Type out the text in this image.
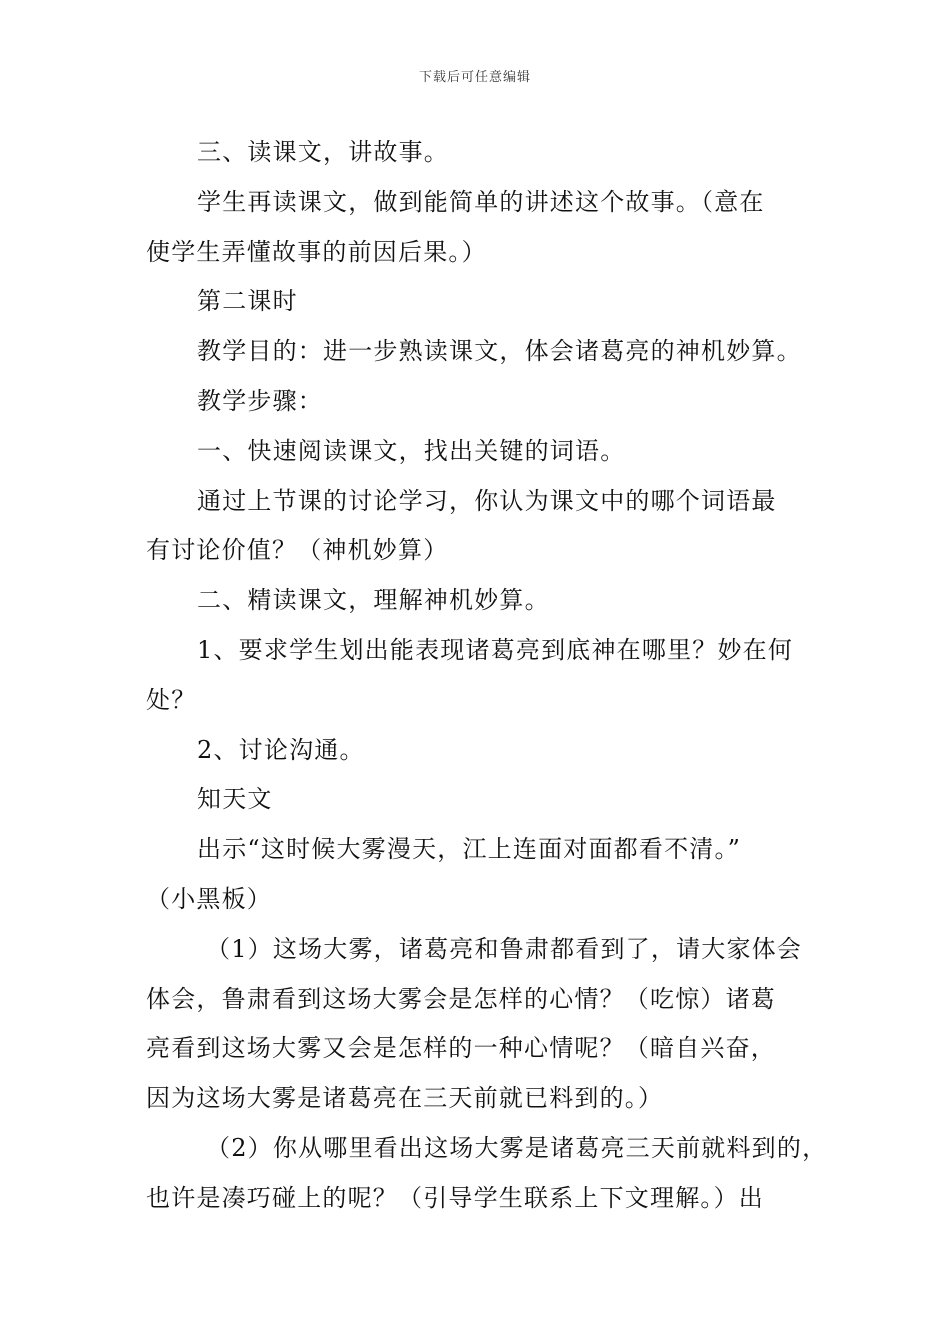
下载后可任意编辑

三、读课文，讲故事。

学生再读课文，做到能简单的讲述这个故事。（意在

使学生弄懂故事的前因后果。）

第二课时

教学目的：进一步熟读课文，体会诸葛亮的神机妙算。

教学步骤：

一、快速阅读课文，找出关键的词语。

通过上节课的讨论学习，你认为课文中的哪个词语最

有讨论价值？（神机妙算）

二、精读课文，理解神机妙算。

1、要求学生划出能表现诸葛亮到底神在哪里？妙在何

处？

2、讨论沟通。

知天文

出示“这时候大雾漫天，江上连面对面都看不清。”

（小黑板）

（1）这场大雾，诸葛亮和鲁肃都看到了，请大家体会

体会，鲁肃看到这场大雾会是怎样的心情？（吃惊）诸葛

亮看到这场大雾又会是怎样的一种心情呢？（暗自兴奋，

因为这场大雾是诸葛亮在三天前就已料到的。）

（2）你从哪里看出这场大雾是诸葛亮三天前就料到的，

也许是凑巧碰上的呢？（引导学生联系上下文理解。）出
